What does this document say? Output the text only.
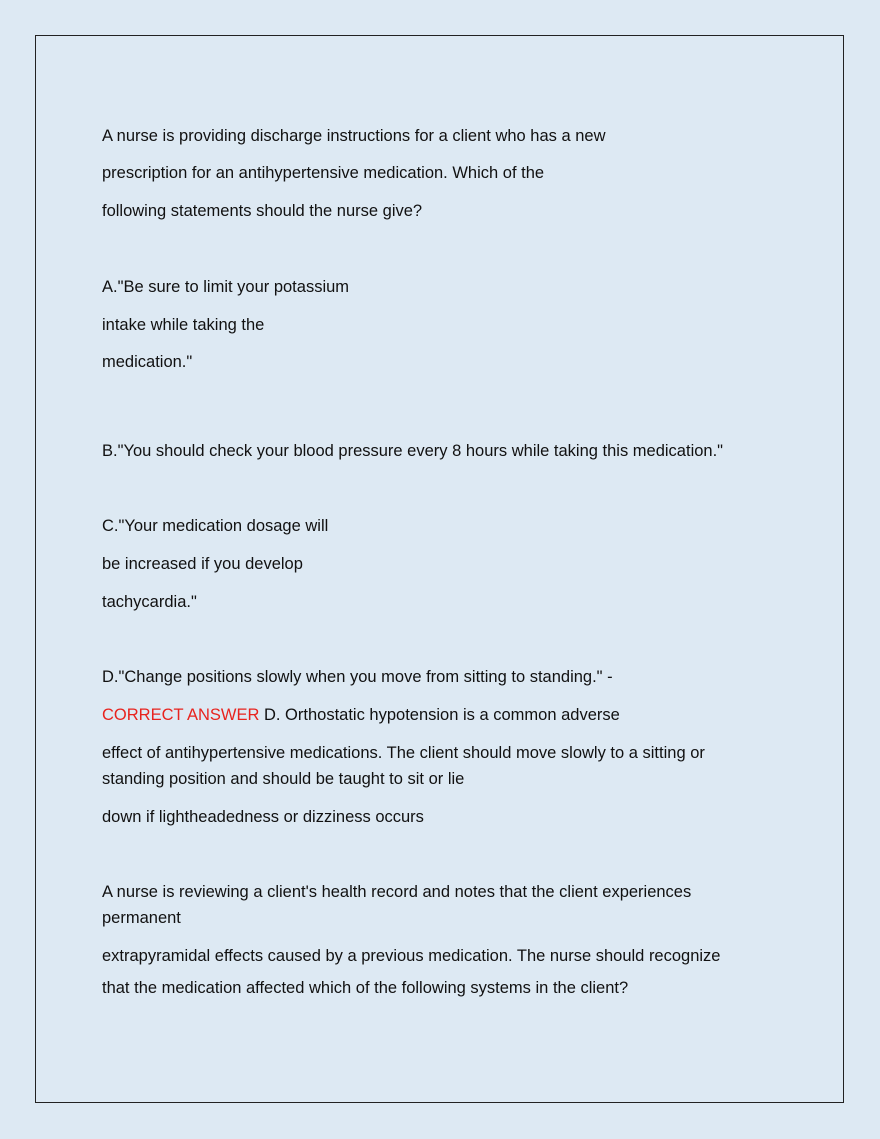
A nurse is providing discharge instructions for a client who has a new
prescription for an antihypertensive medication. Which of the
following statements should the nurse give?
A."Be sure to limit your potassium
intake while taking the
medication."
B."You should check your blood pressure every 8 hours while taking this medication."
C."Your medication dosage will
be increased if you develop
tachycardia."
D."Change positions slowly when you move from sitting to standing." -
CORRECT ANSWER D. Orthostatic hypotension is a common adverse
effect of antihypertensive medications. The client should move slowly to a sitting or standing position and should be taught to sit or lie
down if lightheadedness or dizziness occurs
A nurse is reviewing a client's health record and notes that the client experiences permanent
extrapyramidal effects caused by a previous medication. The nurse should recognize
that the medication affected which of the following systems in the client?
